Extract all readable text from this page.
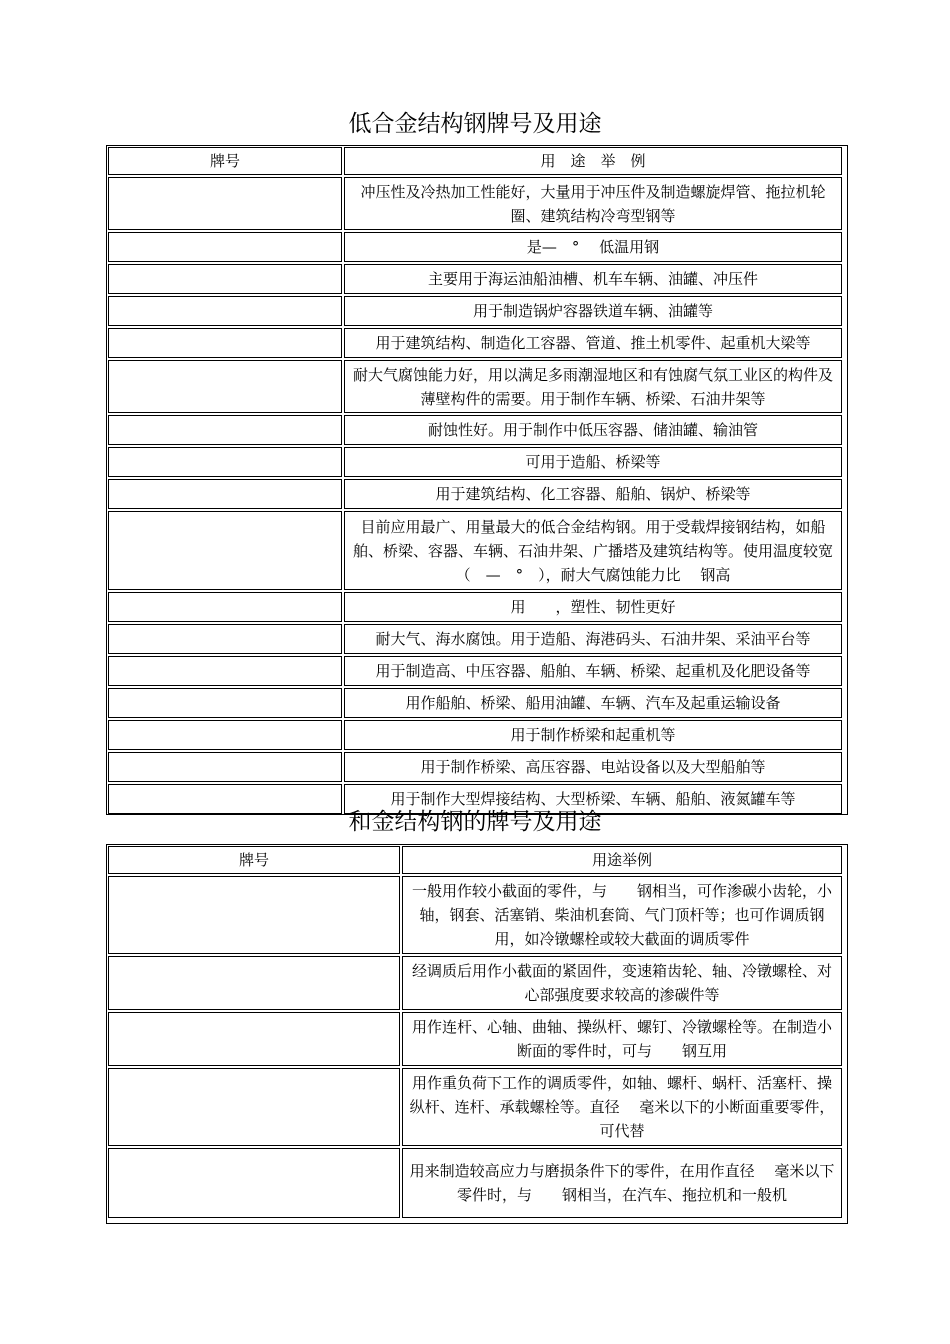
低合金结构钢牌号及用途
牌号	用　途　举　例
冲压性及冷热加工性能好，大量用于冲压件及制造螺旋焊管、拖拉机轮圈、建筑结构冷弯型钢等
是—　°　 低温用钢
主要用于海运油船油槽、机车车辆、油罐、冲压件
用于制造锅炉容器铁道车辆、油罐等
用于建筑结构、制造化工容器、管道、推土机零件、起重机大梁等
耐大气腐蚀能力好，用以满足多雨潮湿地区和有蚀腐气氛工业区的构件及薄壁构件的需要。用于制作车辆、桥梁、石油井架等
耐蚀性好。用于制作中低压容器、储油罐、输油管
可用于造船、桥梁等
用于建筑结构、化工容器、船舶、锅炉、桥梁等
目前应用最广、用量最大的低合金结构钢。用于受载焊接钢结构，如船舶、桥梁、容器、车辆、石油井架、广播塔及建筑结构等。使用温度较宽（　—　°　），耐大气腐蚀能力比　 钢高
用　　，塑性、韧性更好
耐大气、海水腐蚀。用于造船、海港码头、石油井架、采油平台等
用于制造高、中压容器、船舶、车辆、桥梁、起重机及化肥设备等
用作船舶、桥梁、船用油罐、车辆、汽车及起重运输设备
用于制作桥梁和起重机等
用于制作桥梁、高压容器、电站设备以及大型船舶等
用于制作大型焊接结构、大型桥梁、车辆、船舶、液氮罐车等
和金结构钢的牌号及用途
牌号	用途举例
一般用作较小截面的零件，与　　钢相当，可作渗碳小齿轮，小轴，钢套、活塞销、柴油机套筒、气门顶杆等；也可作调质钢用，如冷镦螺栓或较大截面的调质零件
经调质后用作小截面的紧固件，变速箱齿轮、轴、冷镦螺栓、对心部强度要求较高的渗碳件等
用作连杆、心轴、曲轴、操纵杆、螺钉、冷镦螺栓等。在制造小断面的零件时，可与　　钢互用
用作重负荷下工作的调质零件，如轴、螺杆、蜗杆、活塞杆、操纵杆、连杆、承载螺栓等。直径　 毫米以下的小断面重要零件，可代替
用来制造较高应力与磨损条件下的零件，在用作直径　 毫米以下零件时，与　　钢相当，在汽车、拖拉机和一般机
